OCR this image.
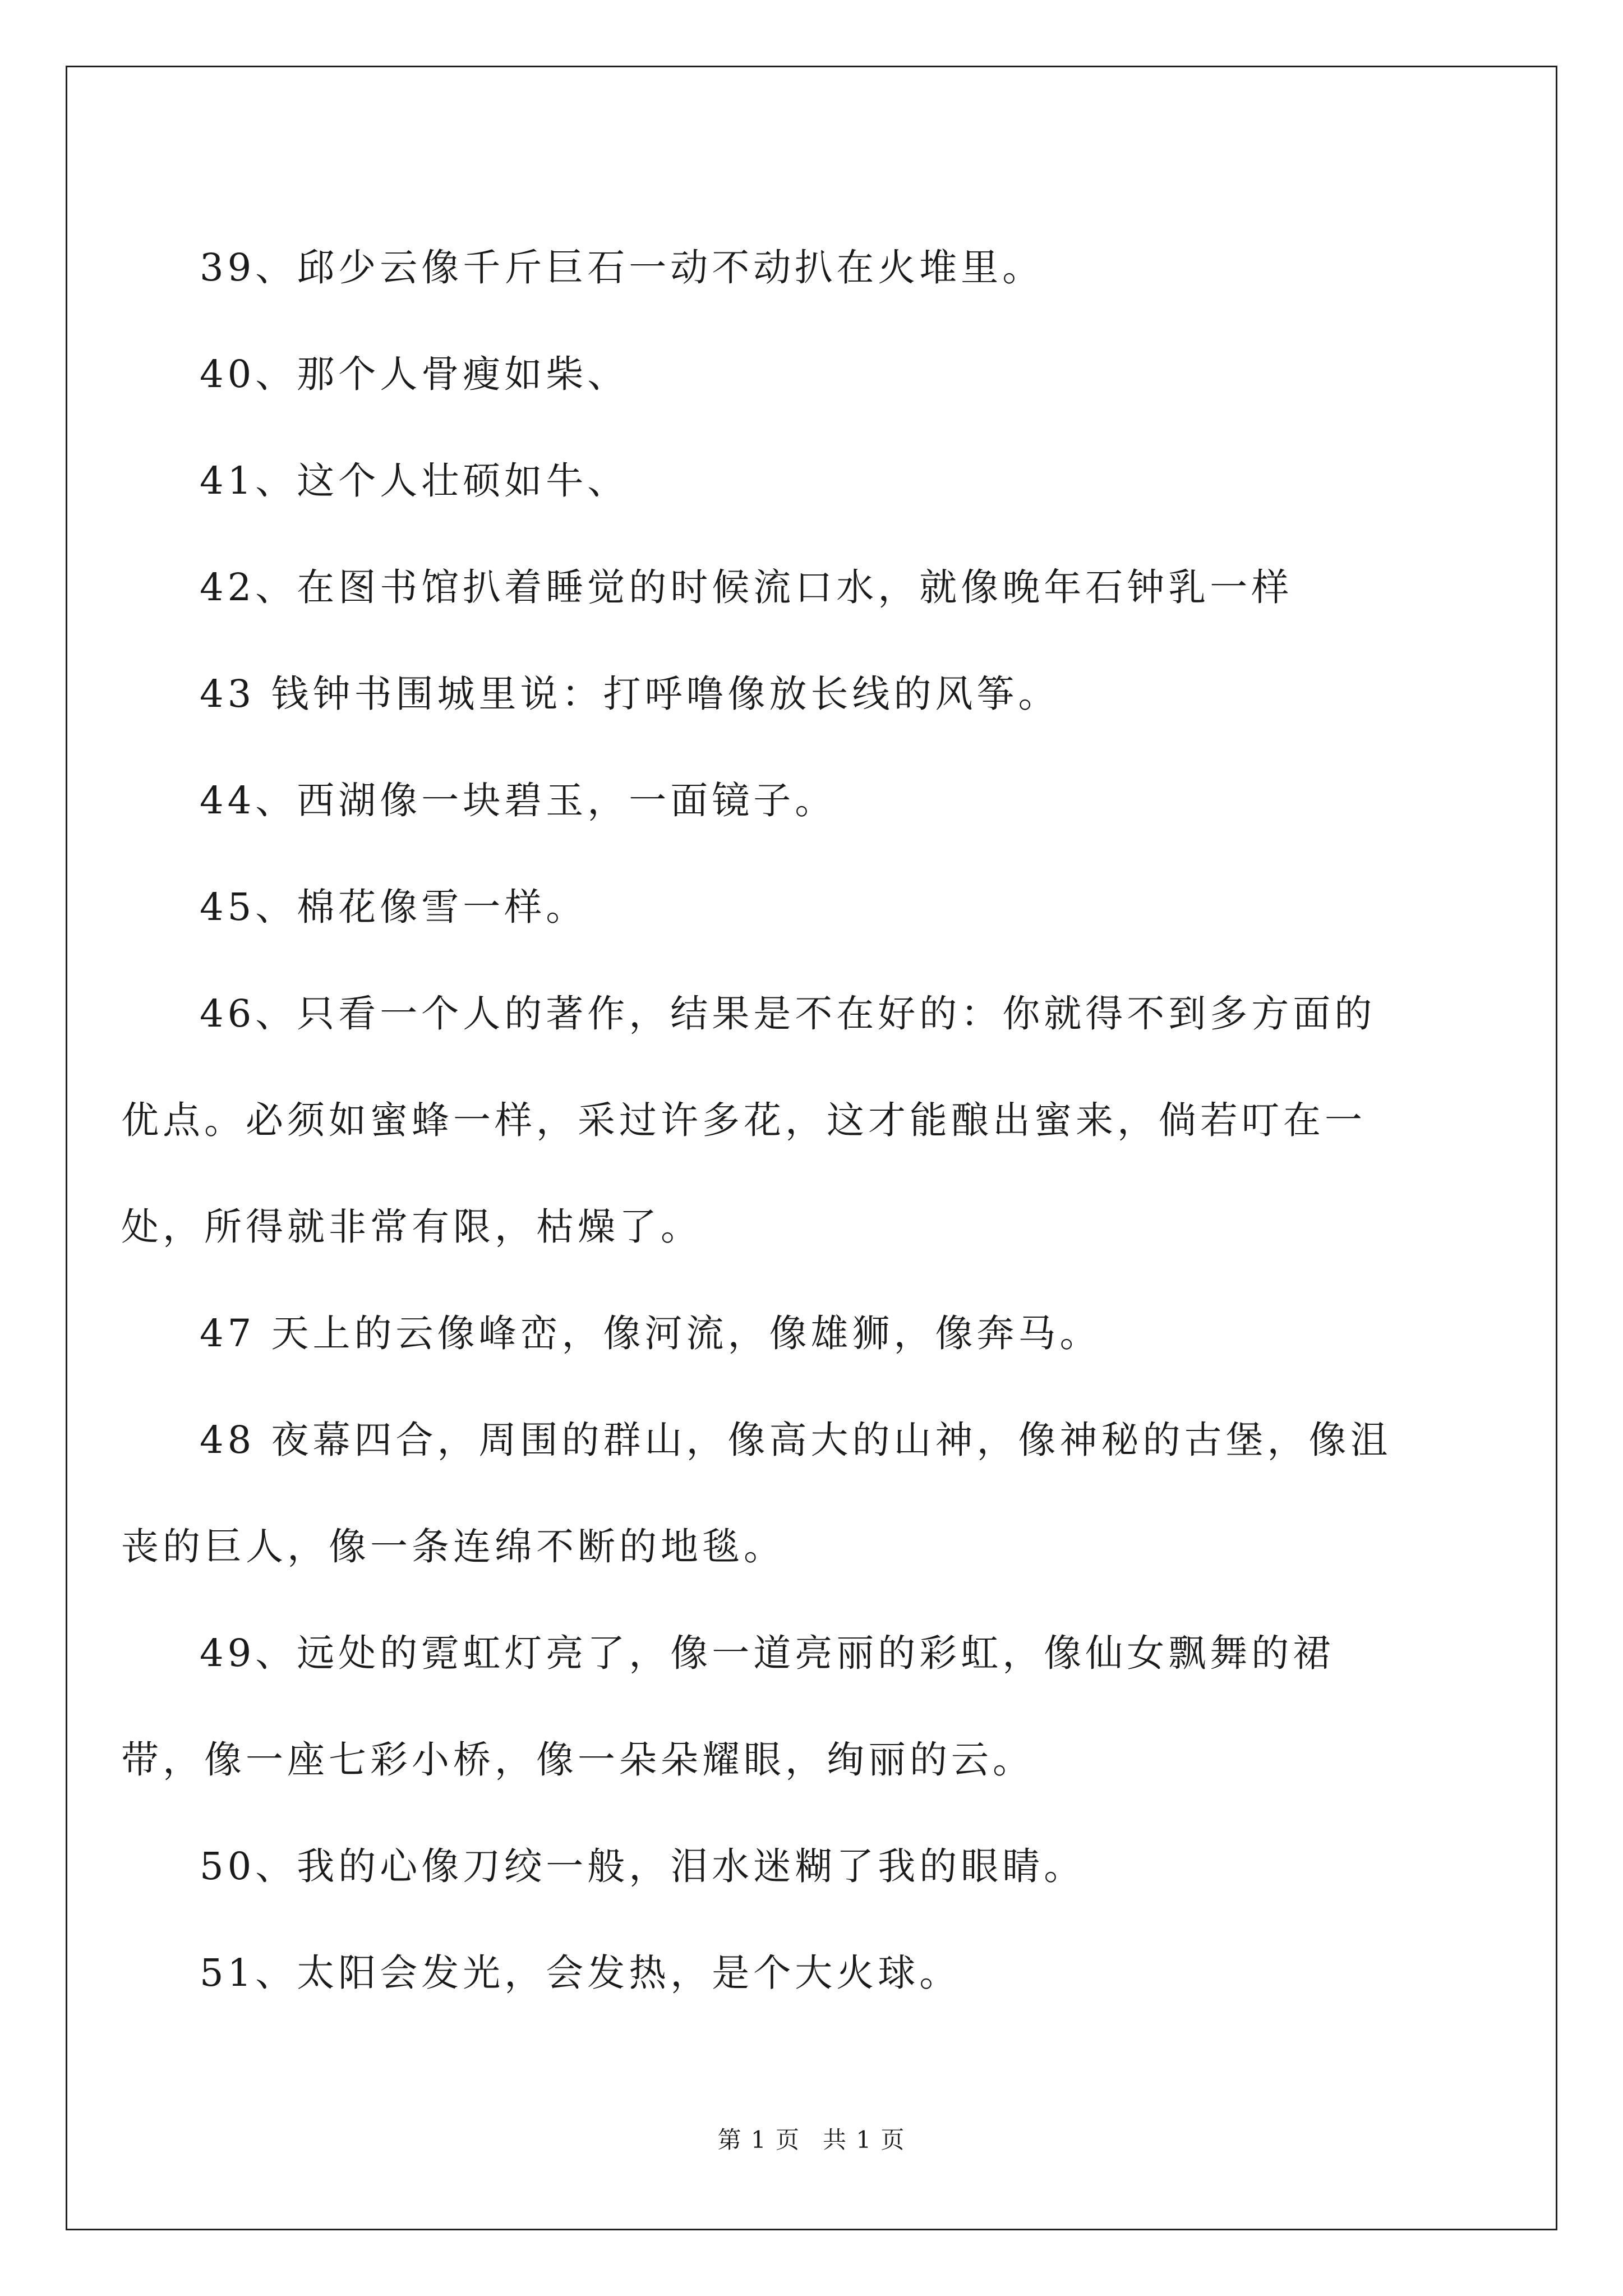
39、邱少云像千斤巨石一动不动扒在火堆里。

40、那个人骨瘦如柴、

41、这个人壮硕如牛、

42、在图书馆扒着睡觉的时候流口水，就像晚年石钟乳一样

43 钱钟书围城里说：打呼噜像放长线的风筝。

44、西湖像一块碧玉，一面镜子。

45、棉花像雪一样。

46、只看一个人的著作，结果是不在好的：你就得不到多方面的优点。必须如蜜蜂一样，采过许多花，这才能酿出蜜来，倘若叮在一处，所得就非常有限，枯燥了。

47 天上的云像峰峦，像河流，像雄狮，像奔马。

48 夜幕四合，周围的群山，像高大的山神，像神秘的古堡，像沮丧的巨人，像一条连绵不断的地毯。

49、远处的霓虹灯亮了，像一道亮丽的彩虹，像仙女飘舞的裙带，像一座七彩小桥，像一朵朵耀眼，绚丽的云。

50、我的心像刀绞一般，泪水迷糊了我的眼睛。

51、太阳会发光，会发热，是个大火球。

第 1 页 共 1 页
